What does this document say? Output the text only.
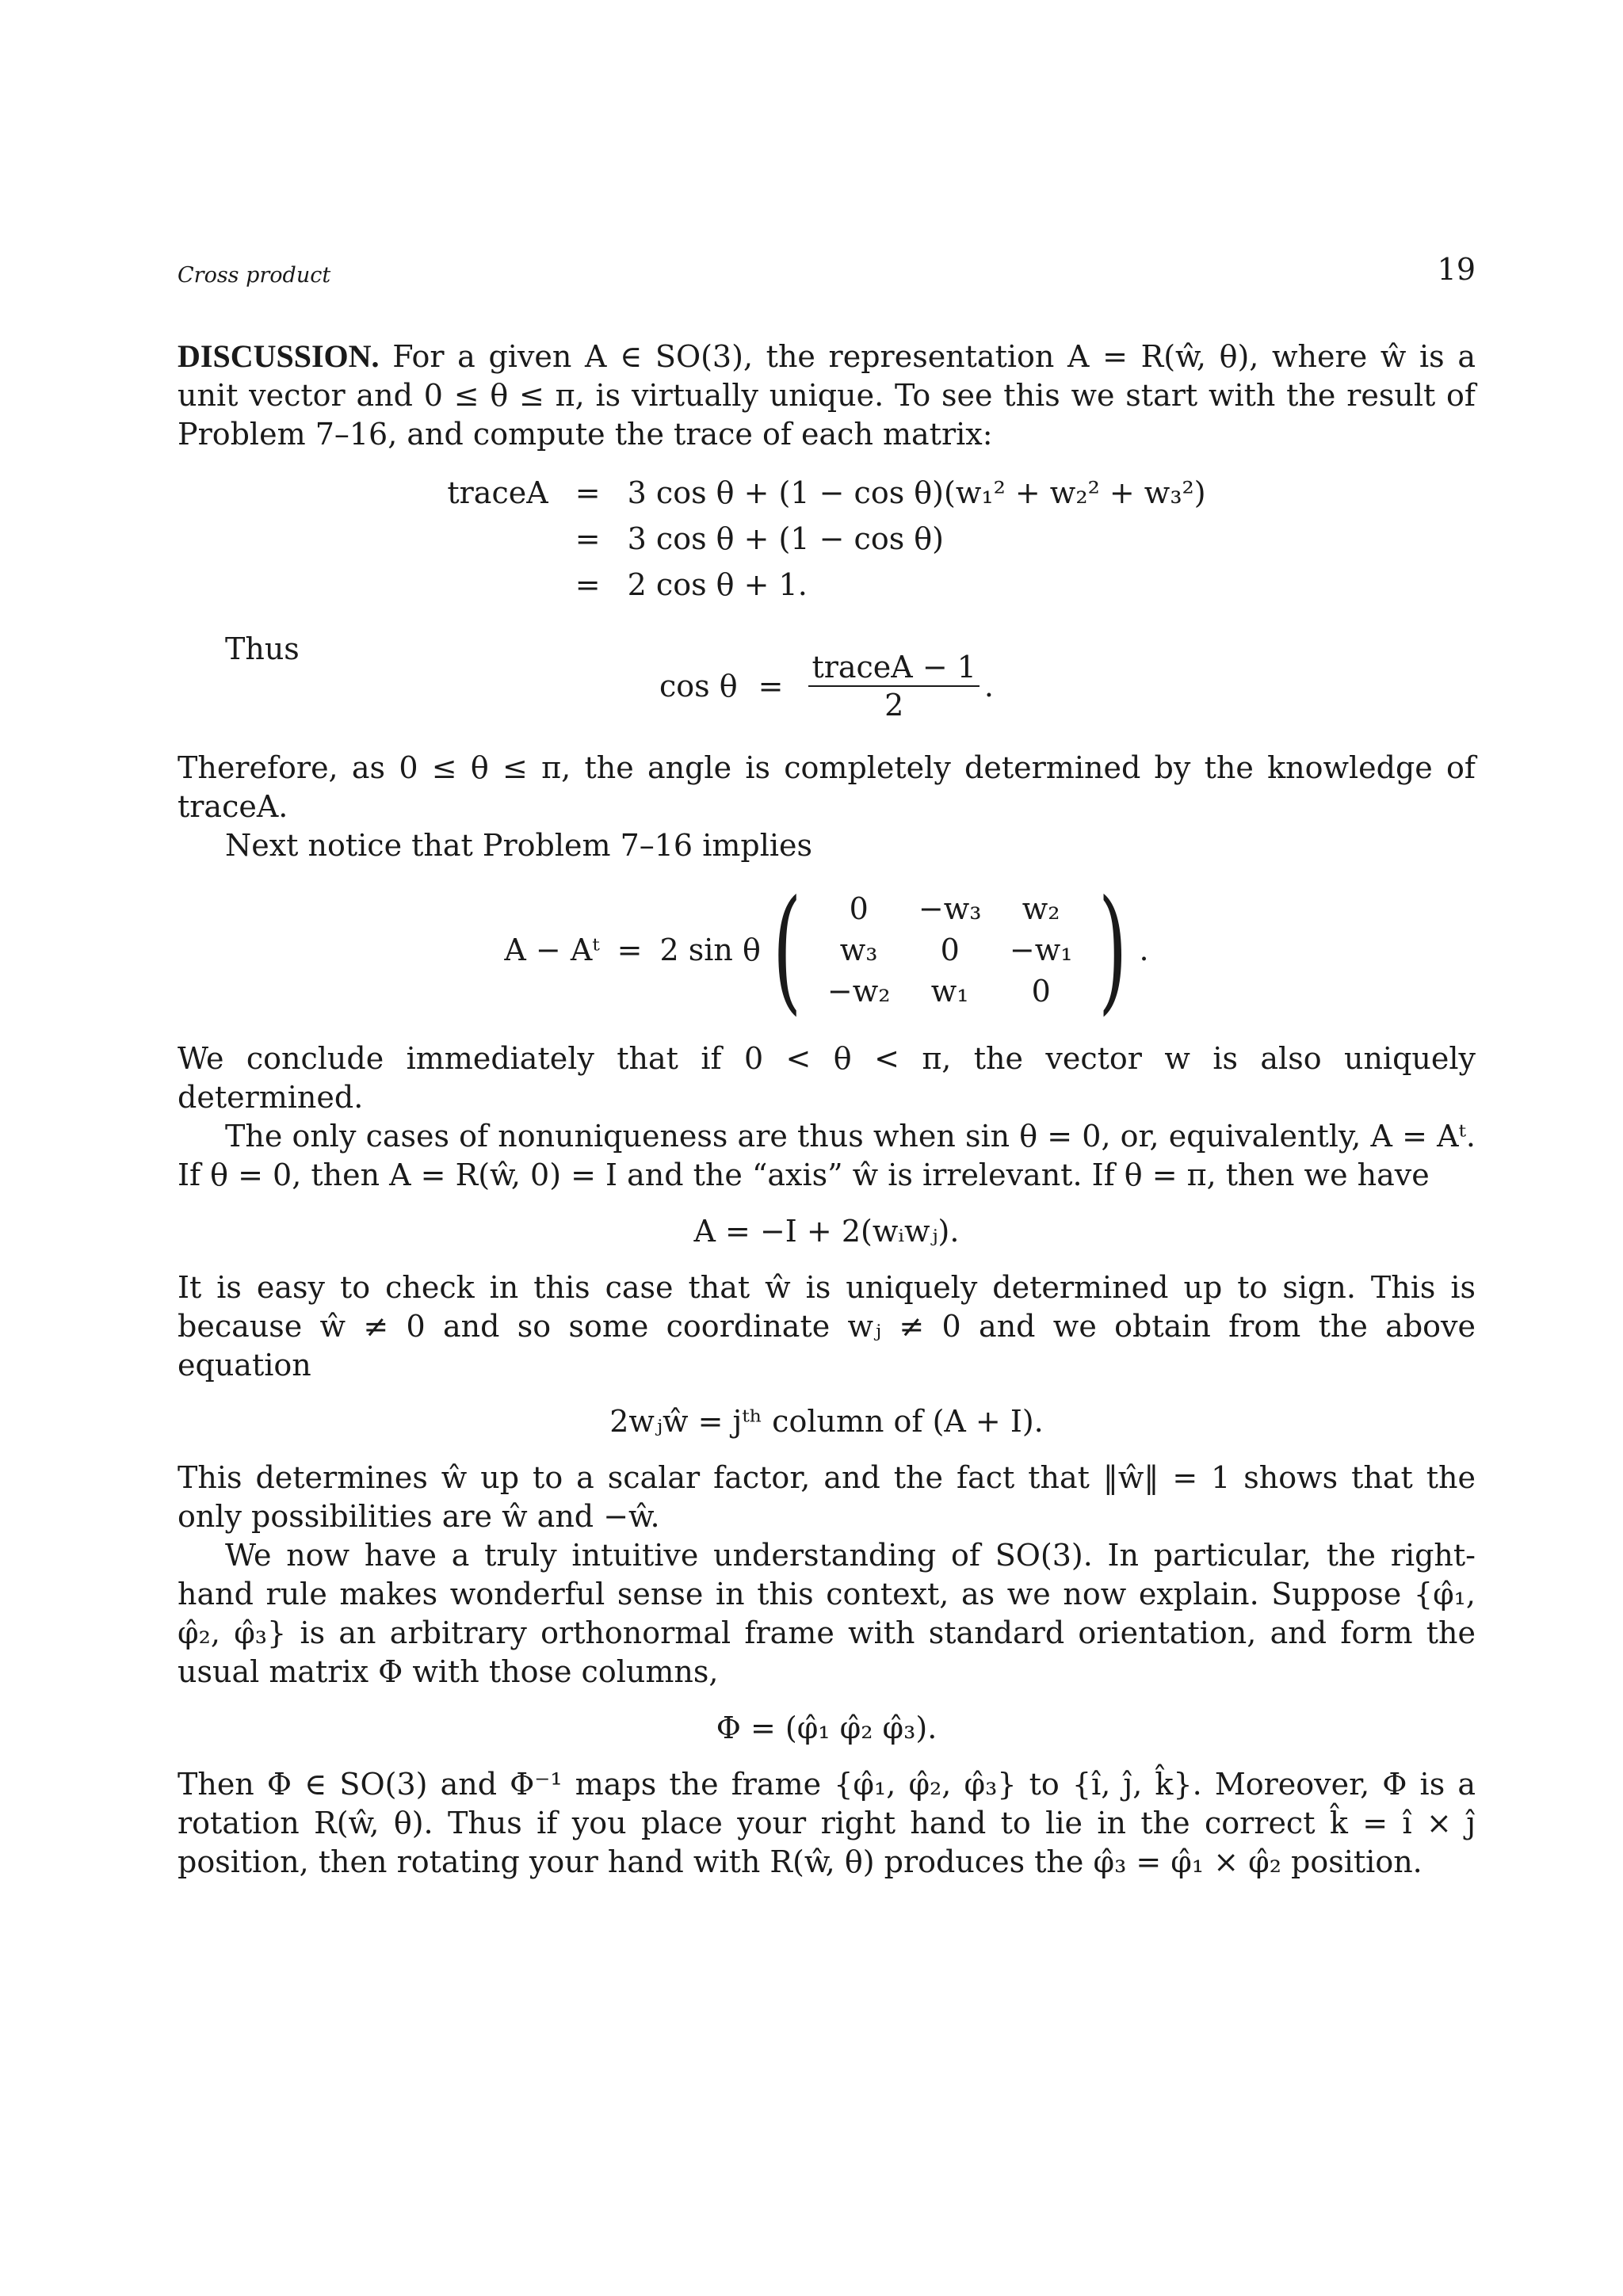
Cross product	19

DISCUSSION. For a given A ∈ SO(3), the representation A = R(ŵ, θ), where ŵ is a unit vector and 0 ≤ θ ≤ π, is virtually unique. To see this we start with the result of Problem 7–16, and compute the trace of each matrix:

traceA	=	3 cos θ + (1 − cos θ)(w₁² + w₂² + w₃²)
	=	3 cos θ + (1 − cos θ)
	=	2 cos θ + 1.
Thus
$\cos \theta = \frac{\text{traceA − 1}}{2}$ .

Therefore, as 0 ≤ θ ≤ π, the angle is completely determined by the knowledge of traceA.

Next notice that Problem 7–16 implies

A − Aᵗ = 2 sin θ ( 0	−w₃	w₂
w₃	0	−w₁
−w₂	w₁	0 ) .

We conclude immediately that if 0 < θ < π, the vector w is also uniquely determined.

The only cases of nonuniqueness are thus when sin θ = 0, or, equivalently, A = Aᵗ. If θ = 0, then A = R(ŵ, 0) = I and the “axis” ŵ is irrelevant. If θ = π, then we have

A = −I + 2(wᵢwⱼ).

It is easy to check in this case that ŵ is uniquely determined up to sign. This is because ŵ ≠ 0 and so some coordinate wⱼ ≠ 0 and we obtain from the above equation

2wⱼŵ = jᵗʰ column of (A + I).

This determines ŵ up to a scalar factor, and the fact that ‖ŵ‖ = 1 shows that the only possibilities are ŵ and −ŵ.

We now have a truly intuitive understanding of SO(3). In particular, the right-hand rule makes wonderful sense in this context, as we now explain. Suppose {φ̂₁, φ̂₂, φ̂₃} is an arbitrary orthonormal frame with standard orientation, and form the usual matrix Φ with those columns,

Φ = (φ̂₁ φ̂₂ φ̂₃).

Then Φ ∈ SO(3) and Φ⁻¹ maps the frame {φ̂₁, φ̂₂, φ̂₃} to {î, ĵ, k̂}. Moreover, Φ is a rotation R(ŵ, θ). Thus if you place your right hand to lie in the correct k̂ = î × ĵ position, then rotating your hand with R(ŵ, θ) produces the φ̂₃ = φ̂₁ × φ̂₂ position.
